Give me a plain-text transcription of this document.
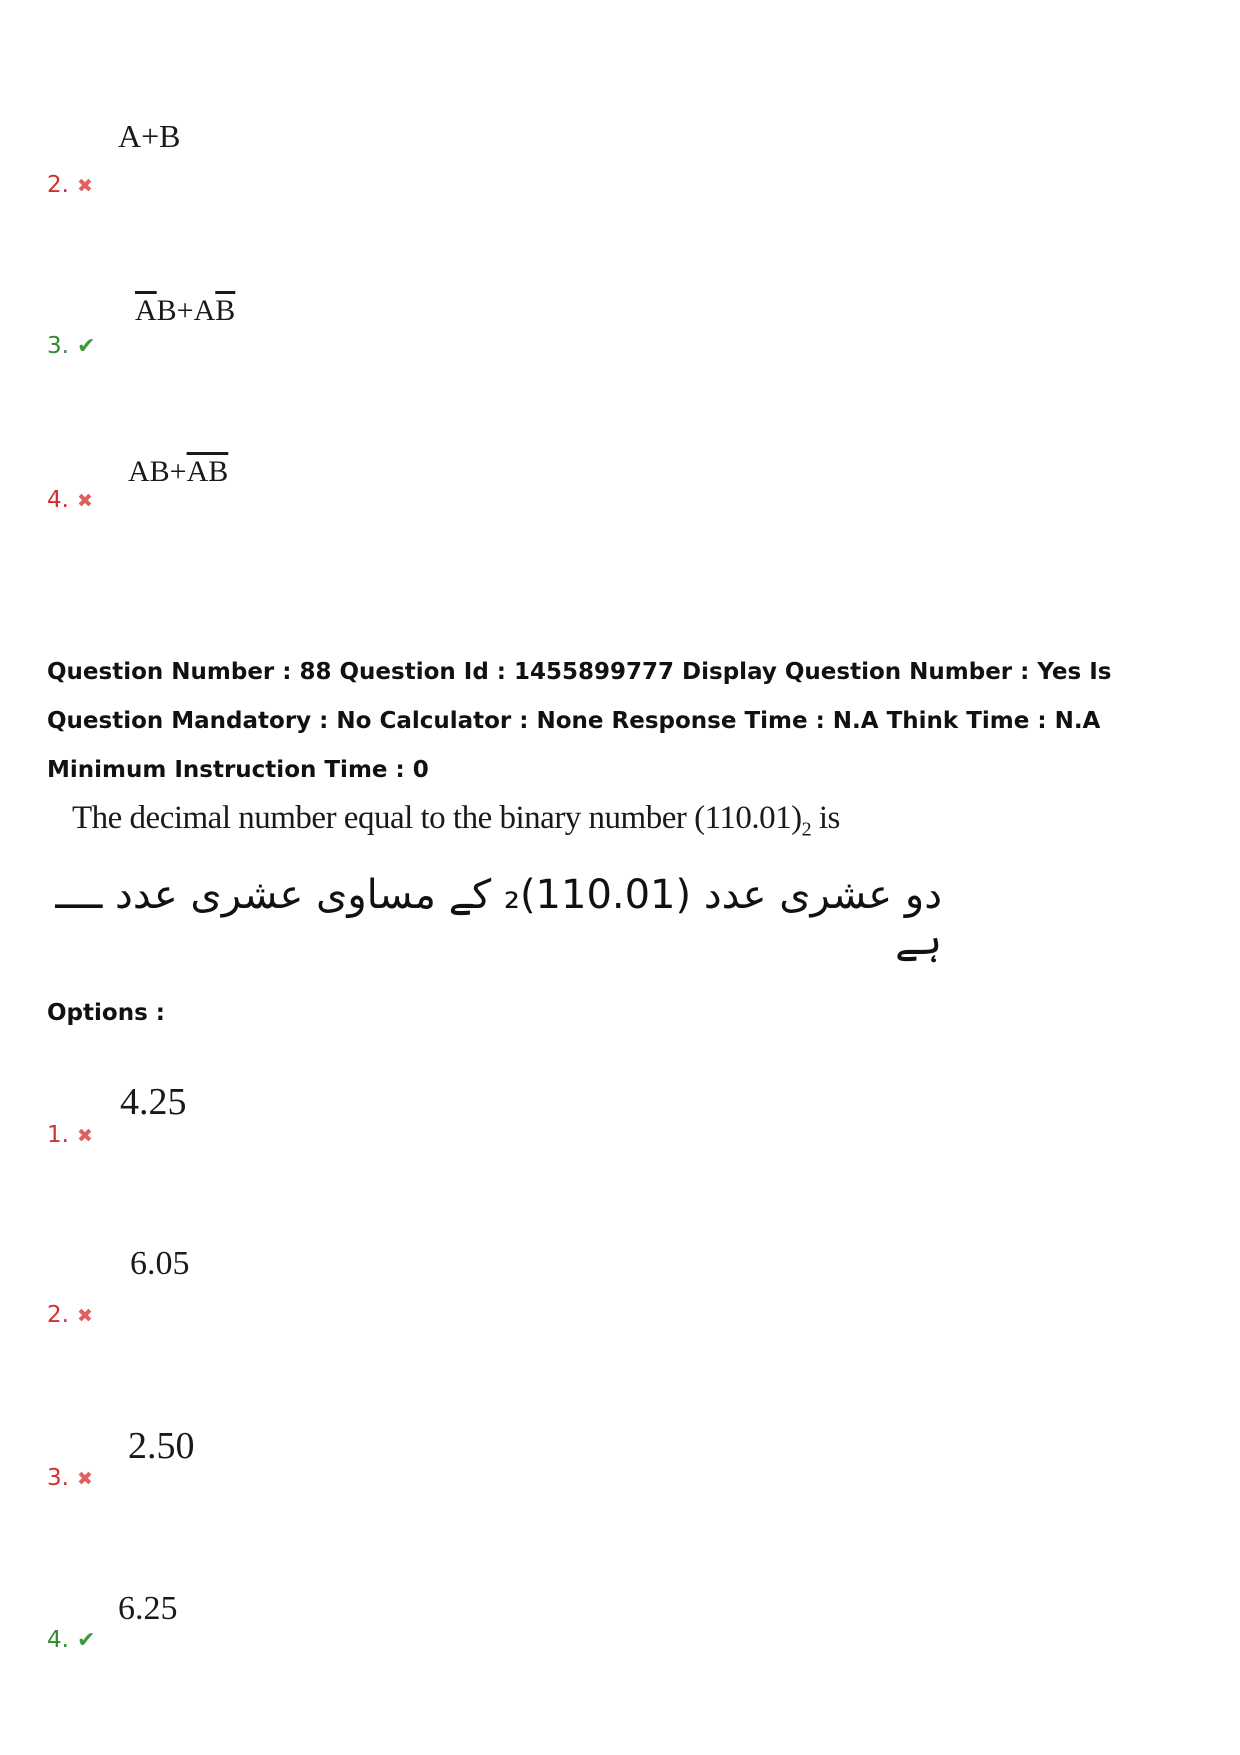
A+B
2. ✖
$\overline{A}B+A\overline{B}$
3. ✔
$AB+\overline{AB}$
4. ✖
Question Number : 88 Question Id : 1455899777 Display Question Number : Yes Is Question Mandatory : No Calculator : None Response Time : N.A Think Time : N.A Minimum Instruction Time : 0
The decimal number equal to the binary number $(110.01)_2$ is
دو عشری عدد (110.01)₂ کے مساوی عشری عدد ــــ ہے
Options :
4.25
1. ✖
6.05
2. ✖
2.50
3. ✖
6.25
4. ✔
